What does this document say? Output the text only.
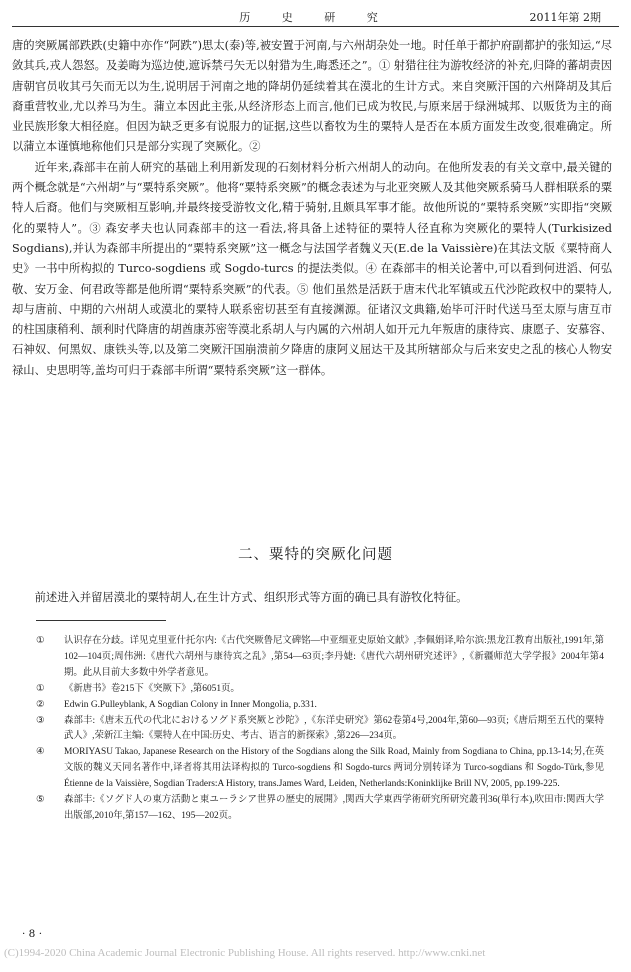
历 史 研 究	2011年第 2期

唐的突厥属部跌跌(史籍中亦作“阿跌”)思太(泰)等,被安置于河南,与六州胡杂处一地。时任单于都护府副都护的张知运,“尽敛其兵,戎人怨怒。及姜晦为巡边使,遮诉禁弓矢无以射猎为生,晦悉还之”。① 射猎往往为游牧经济的补充,归降的蕃胡责因唐朝官员收其弓矢而无以为生,说明居于河南之地的降胡仍延续着其在漠北的生计方式。来自突厥汗国的六州降胡及其后裔重营牧业,尤以养马为生。蒲立本因此主张,从经济形态上而言,他们已成为牧民,与原来居于绿洲城邦、以贩货为主的商业民族形象大相径庭。但因为缺乏更多有说服力的证据,这些以畜牧为生的粟特人是否在本质方面发生改变,很难确定。所以蒲立本谨慎地称他们只是部分实现了突厥化。②

近年来,森部丰在前人研究的基础上利用新发现的石刻材料分析六州胡人的动向。在他所发表的有关文章中,最关键的两个概念就是“六州胡”与“粟特系突厥”。他将“粟特系突厥”的概念表述为与北亚突厥人及其他突厥系骑马人群相联系的粟特人后裔。他们与突厥相互影响,并最终接受游牧文化,精于骑射,且颇具军事才能。故他所说的“粟特系突厥”实即指“突厥化的粟特人”。③ 森安孝夫也认同森部丰的这一看法,将具备上述特征的粟特人径直称为突厥化的粟特人(Turkisized Sogdians),并认为森部丰所提出的“粟特系突厥”这一概念与法国学者魏义天(E.de la Vaissière)在其法文版《粟特商人史》一书中所构拟的 Turco-sogdiens 或 Sogdo-turcs 的提法类似。④ 在森部丰的相关论著中,可以看到何进滔、何弘敬、安万金、何君政等都是他所谓“粟特系突厥”的代表。⑤ 他们虽然是活跃于唐末代北军镇或五代沙陀政权中的粟特人,却与唐前、中期的六州胡人或漠北的粟特人联系密切甚至有直接渊源。征诸汉文典籍,始毕可汗时代送马至太原与唐互市的柱国康稍利、颉利时代降唐的胡酋康苏密等漠北系胡人与内属的六州胡人如开元九年叛唐的康待宾、康愿子、安慕容、石神奴、何黑奴、康铁头等,以及第二突厥汗国崩溃前夕降唐的康阿义屈达干及其所辖部众与后来安史之乱的核心人物安禄山、史思明等,盖均可归于森部丰所谓“粟特系突厥”这一群体。

二、粟特的突厥化问题
前述进入并留居漠北的粟特胡人,在生计方式、组织形式等方面的确已具有游牧化特征。
①	认识存在分歧。详见克里亚什托尔内:《古代突厥鲁尼文碑铭—中亚细亚史原始文献》,李佩娟译,哈尔滨:黑龙江教育出版社,1991年,第102—104页;周伟洲:《唐代六胡州与康待宾之乱》,第54—63页;李丹婕:《唐代六胡州研究述评》,《新疆师范大学学报》2004年第4期。此从目前大多数中外学者意见。
①	《新唐书》卷215下《突厥下》,第6051页。
②	Edwin G.Pulleyblank, A Sogdian Colony in Inner Mongolia, p.331.
③	森部丰:《唐末五代の代北におけるソグド系突厥と沙陀》,《东洋史研究》第62卷第4号,2004年,第60—93页;《唐后期至五代的粟特武人》,荣新江主编:《粟特人在中国:历史、考古、语言的新探索》,第226—234页。
④	MORIYASU Takao, Japanese Research on the History of the Sogdians along the Silk Road, Mainly from Sogdiana to China, pp.13-14;另,在英文版的魏义天同名著作中,译者将其用法译构拟的 Turco-sogdiens 和 Sogdo-turcs 两词分别转译为 Turco-sogdians 和 Sogdo-Türk,参见 Étienne de la Vaissière, Sogdian Traders:A History, trans.James Ward, Leiden, Netherlands:Koninklijke Brill NV, 2005, pp.199-225.
⑤	森部丰:《ソグド人の東方活動と東ユーラシア世界の歴史的展開》,関西大学東西学術研究所研究叢刊36(単行本),吹田市:関西大学出版部,2010年,第157—162、195—202页。
· 8 ·
(C)1994-2020 China Academic Journal Electronic Publishing House. All rights reserved. http://www.cnki.net
